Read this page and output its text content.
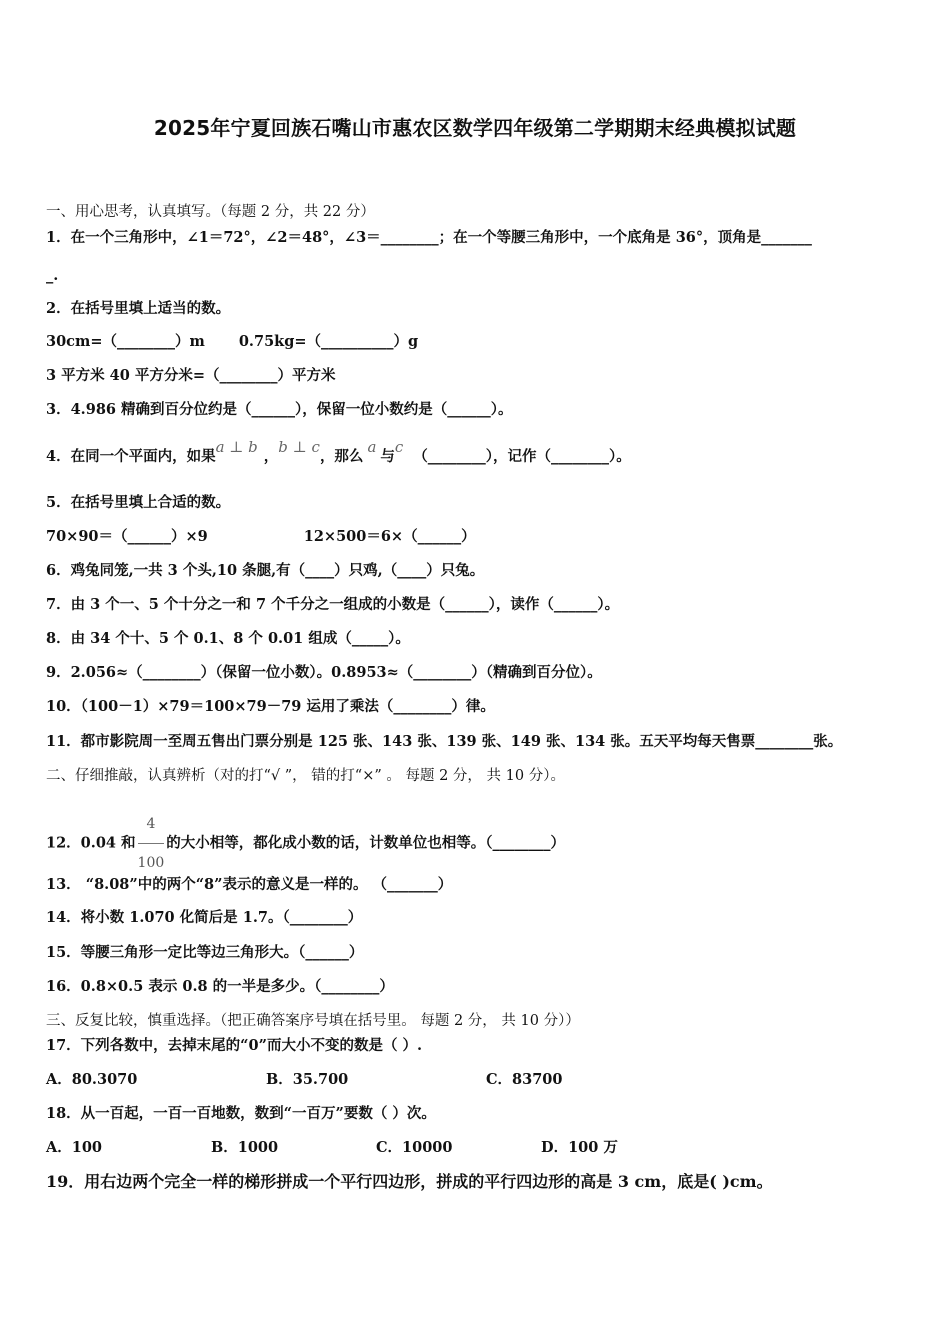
2025年宁夏回族石嘴山市惠农区数学四年级第二学期期末经典模拟试题
一、用心思考，认真填写。（每题 2 分，共 22 分）
1．在一个三角形中，∠1＝72°，∠2＝48°，∠3＝________；在一个等腰三角形中，一个底角是 36°，顶角是_______
_.
2．在括号里填上适当的数。
30cm=（________）m 0.75kg=（__________）g
3 平方米 40 平方分米=（________）平方米
3．4.986 精确到百分位约是（______），保留一位小数约是（______）。
4．在同一个平面内，如果a ⊥ b，b ⊥ c，那么a与c（________），记作（________）。
5．在括号里填上合适的数。
70×90＝（______）×9	12×500＝6×（______）
6．鸡兔同笼,一共 3 个头,10 条腿,有（____）只鸡,（____）只兔。
7．由 3 个一、5 个十分之一和 7 个千分之一组成的小数是（______），读作（______）。
8．由 34 个十、5 个 0.1、8 个 0.01 组成（_____）。
9．2.056≈（________）（保留一位小数）。0.8953≈（________）（精确到百分位）。
10．（100－1）×79＝100×79－79 运用了乘法（________）律。
11．都市影院周一至周五售出门票分别是 125 张、143 张、139 张、149 张、134 张。五天平均每天售票________张。
二、仔细推敲，认真辨析（对的打“√ ”， 错的打“×” 。 每题 2 分， 共 10 分）。
12．0.04 和 $\frac{4}{100}$ 的大小相等，都化成小数的话，计数单位也相等。（________）
13． “8.08”中的两个“8”表示的意义是一样的。 （_______）
14．将小数 1.070 化简后是 1.7。（________）
15．等腰三角形一定比等边三角形大。（______）
16．0.8×0.5 表示 0.8 的一半是多少。（________）
三、反复比较，慎重选择。（把正确答案序号填在括号里。 每题 2 分， 共 10 分））
17．下列各数中，去掉末尾的“0”而大小不变的数是（ ）.
A．80.3070	B．35.700	C．83700
18．从一百起，一百一百地数，数到“一百万”要数（ ）次。
A．100	B．1000	C．10000	D．100 万
19．用右边两个完全一样的梯形拼成一个平行四边形，拼成的平行四边形的高是 3 cm，底是( )cm。
